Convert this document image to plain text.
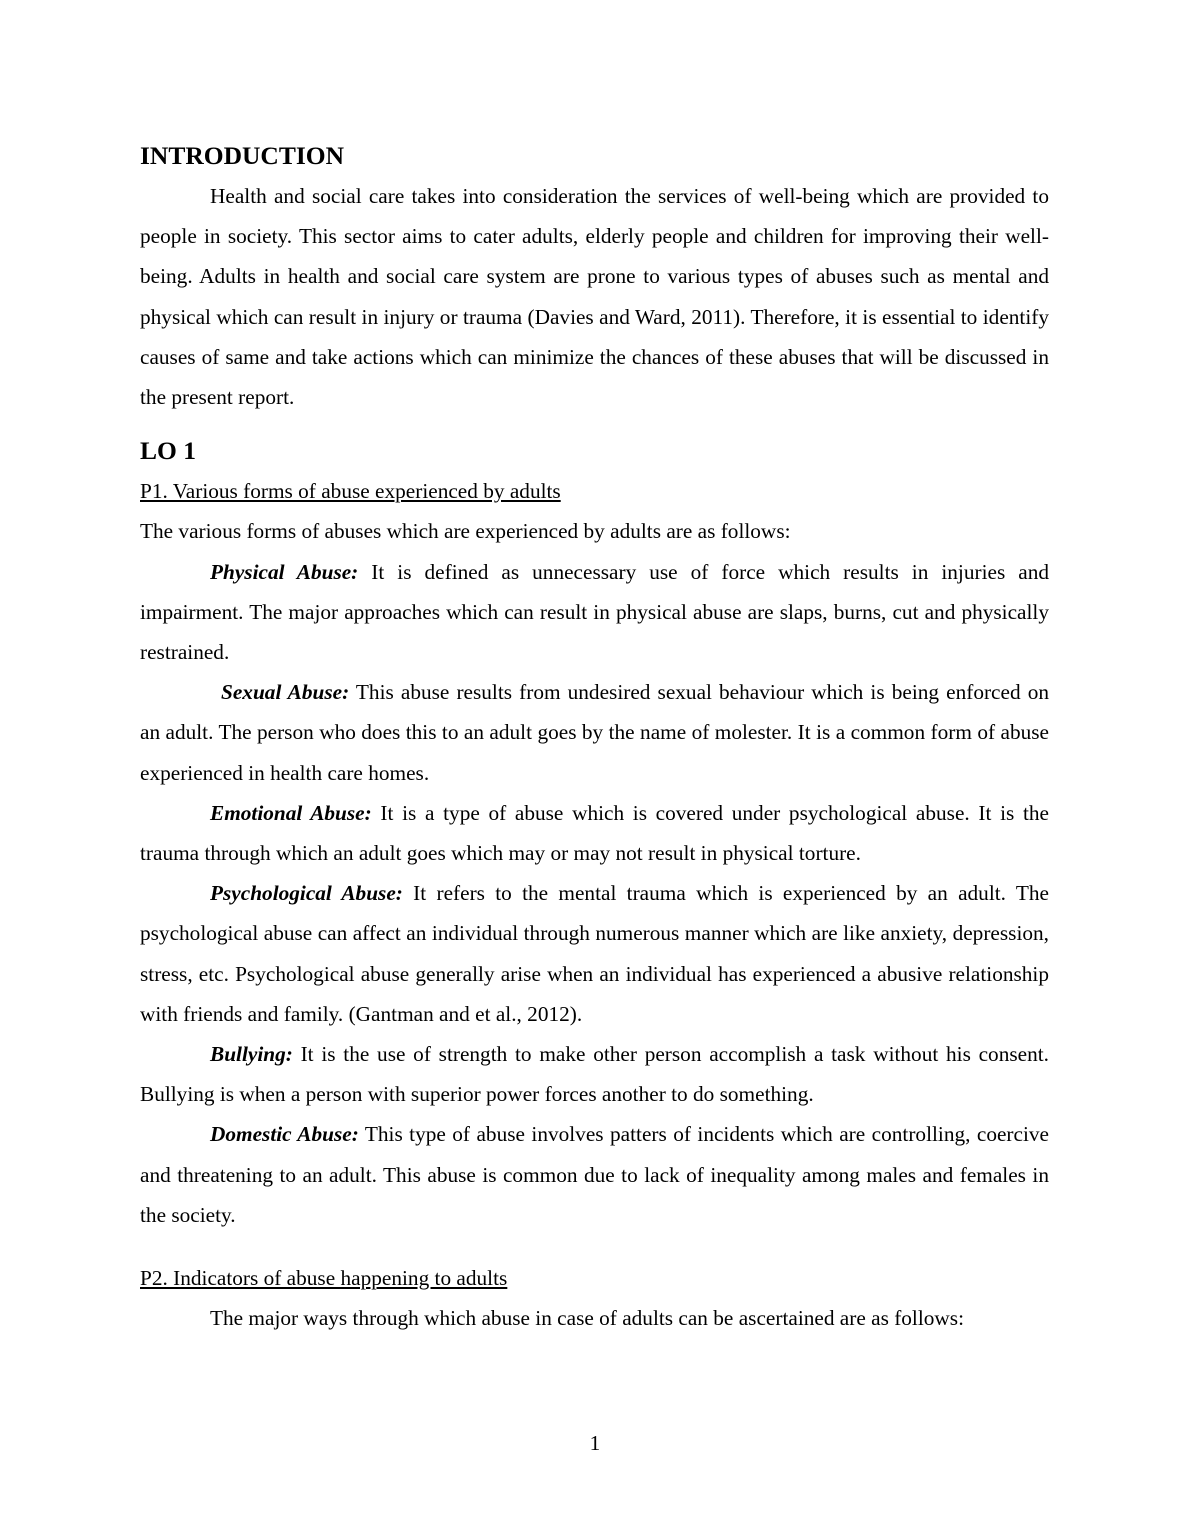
INTRODUCTION

Health and social care takes into consideration the services of well-being which are provided to people in society. This sector aims to cater adults, elderly people and children for improving their well-being. Adults in health and social care system are prone to various types of abuses such as mental and physical which can result in injury or trauma (Davies and Ward, 2011). Therefore, it is essential to identify causes of same and take actions which can minimize the chances of these abuses that will be discussed in the present report.

LO 1

P1. Various forms of abuse experienced by adults

The various forms of abuses which are experienced by adults are as follows:

Physical Abuse: It is defined as unnecessary use of force which results in injuries and impairment. The major approaches which can result in physical abuse are slaps, burns, cut and physically restrained.

Sexual Abuse: This abuse results from undesired sexual behaviour which is being enforced on an adult. The person who does this to an adult goes by the name of molester. It is a common form of abuse experienced in health care homes.

Emotional Abuse: It is a type of abuse which is covered under psychological abuse. It is the trauma through which an adult goes which may or may not result in physical torture.

Psychological Abuse: It refers to the mental trauma which is experienced by an adult. The psychological abuse can affect an individual through numerous manner which are like anxiety, depression, stress, etc. Psychological abuse generally arise when an individual has experienced a abusive relationship with friends and family. (Gantman and et al., 2012).

Bullying: It is the use of strength to make other person accomplish a task without his consent. Bullying is when a person with superior power forces another to do something.

Domestic Abuse: This type of abuse involves patters of incidents which are controlling, coercive and threatening to an adult. This abuse is common due to lack of inequality among males and females in the society.

P2. Indicators of abuse happening to adults

The major ways through which abuse in case of adults can be ascertained are as follows:

1
